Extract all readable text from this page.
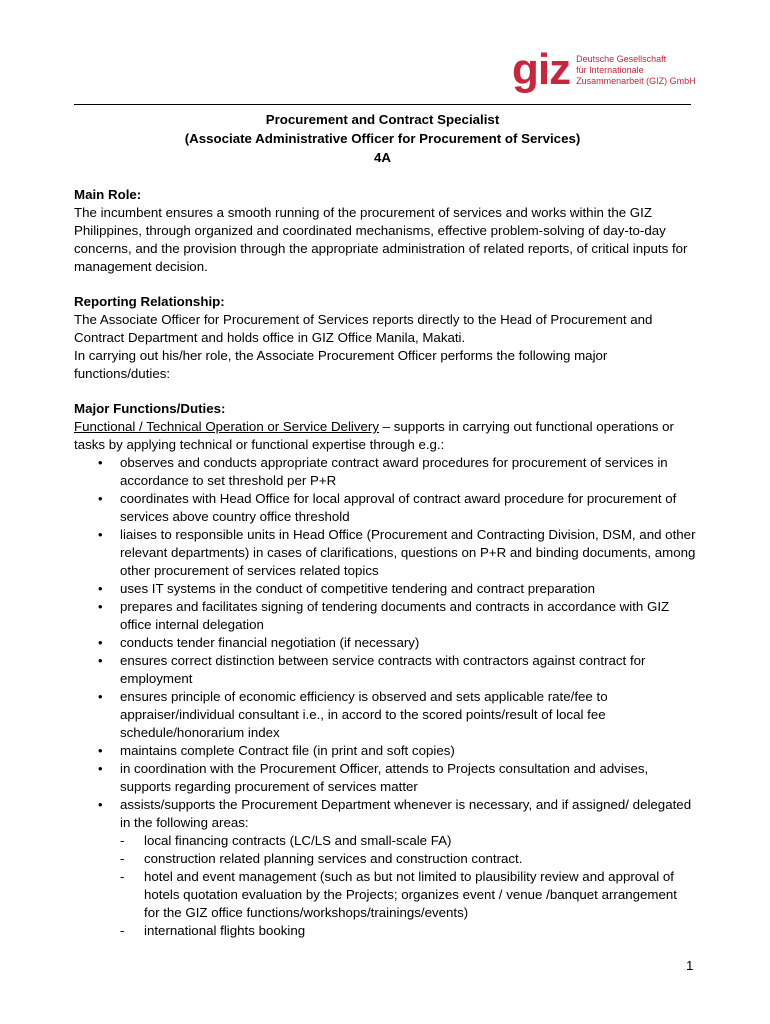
giz Deutsche Gesellschaft
für Internationale
Zusammenarbeit (GIZ) GmbH
Procurement and Contract Specialist
(Associate Administrative Officer for Procurement of Services)
4A
Main Role:
The incumbent ensures a smooth running of the procurement of services and works within the GIZ Philippines, through organized and coordinated mechanisms, effective problem-solving of day-to-day concerns, and the provision through the appropriate administration of related reports, of critical inputs for management decision.
Reporting Relationship:
The Associate Officer for Procurement of Services reports directly to the Head of Procurement and Contract Department and holds office in GIZ Office Manila, Makati.
In carrying out his/her role, the Associate Procurement Officer performs the following major functions/duties:
Major Functions/Duties:
Functional / Technical Operation or Service Delivery – supports in carrying out functional operations or tasks by applying technical or functional expertise through e.g.:
• observes and conducts appropriate contract award procedures for procurement of services in accordance to set threshold per P+R
• coordinates with Head Office for local approval of contract award procedure for procurement of services above country office threshold
• liaises to responsible units in Head Office (Procurement and Contracting Division, DSM, and other relevant departments) in cases of clarifications, questions on P+R and binding documents, among other procurement of services related topics
• uses IT systems in the conduct of competitive tendering and contract preparation
• prepares and facilitates signing of tendering documents and contracts in accordance with GIZ office internal delegation
• conducts tender financial negotiation (if necessary)
• ensures correct distinction between service contracts with contractors against contract for employment
• ensures principle of economic efficiency is observed and sets applicable rate/fee to appraiser/individual consultant i.e., in accord to the scored points/result of local fee schedule/honorarium index
• maintains complete Contract file (in print and soft copies)
• in coordination with the Procurement Officer, attends to Projects consultation and advises, supports regarding procurement of services matter
• assists/supports the Procurement Department whenever is necessary, and if assigned/ delegated in the following areas:
- local financing contracts (LC/LS and small-scale FA)
- construction related planning services and construction contract.
- hotel and event management (such as but not limited to plausibility review and approval of hotels quotation evaluation by the Projects; organizes event / venue /banquet arrangement for the GIZ office functions/workshops/trainings/events)
- international flights booking
1
